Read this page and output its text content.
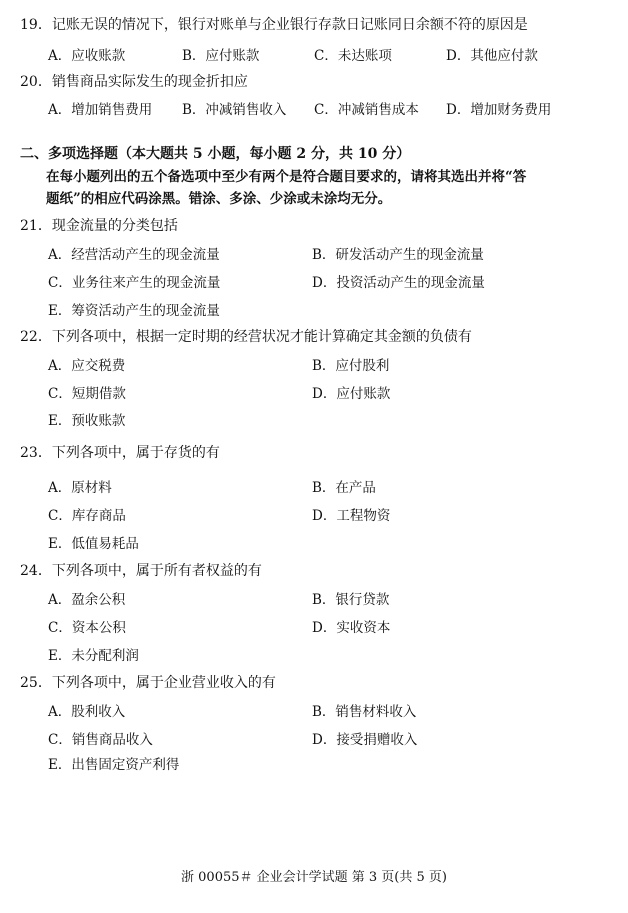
19．记账无误的情况下，银行对账单与企业银行存款日记账同日余额不符的原因是
A．应收账款	B．应付账款	C．未达账项	D．其他应付款
20．销售商品实际发生的现金折扣应
A．增加销售费用 B．冲减销售收入 C．冲减销售成本 D．增加财务费用
二、多项选择题（本大题共 5 小题，每小题 2 分，共 10 分）
在每小题列出的五个备选项中至少有两个是符合题目要求的，请将其选出并将“答
题纸”的相应代码涂黑。错涂、多涂、少涂或未涂均无分。
21．现金流量的分类包括
A．经营活动产生的现金流量	B．研发活动产生的现金流量
C．业务往来产生的现金流量	D．投资活动产生的现金流量
E．筹资活动产生的现金流量
22．下列各项中，根据一定时期的经营状况才能计算确定其金额的负债有
A．应交税费	B．应付股利
C．短期借款	D．应付账款
E．预收账款
23．下列各项中，属于存货的有
A．原材料	B．在产品
C．库存商品	D．工程物资
E．低值易耗品
24．下列各项中，属于所有者权益的有
A．盈余公积	B．银行贷款
C．资本公积	D．实收资本
E．未分配利润
25．下列各项中，属于企业营业收入的有
A．股利收入	B．销售材料收入
C．销售商品收入	D．接受捐赠收入
E．出售固定资产利得
浙 00055＃ 企业会计学试题 第 3 页(共 5 页)
